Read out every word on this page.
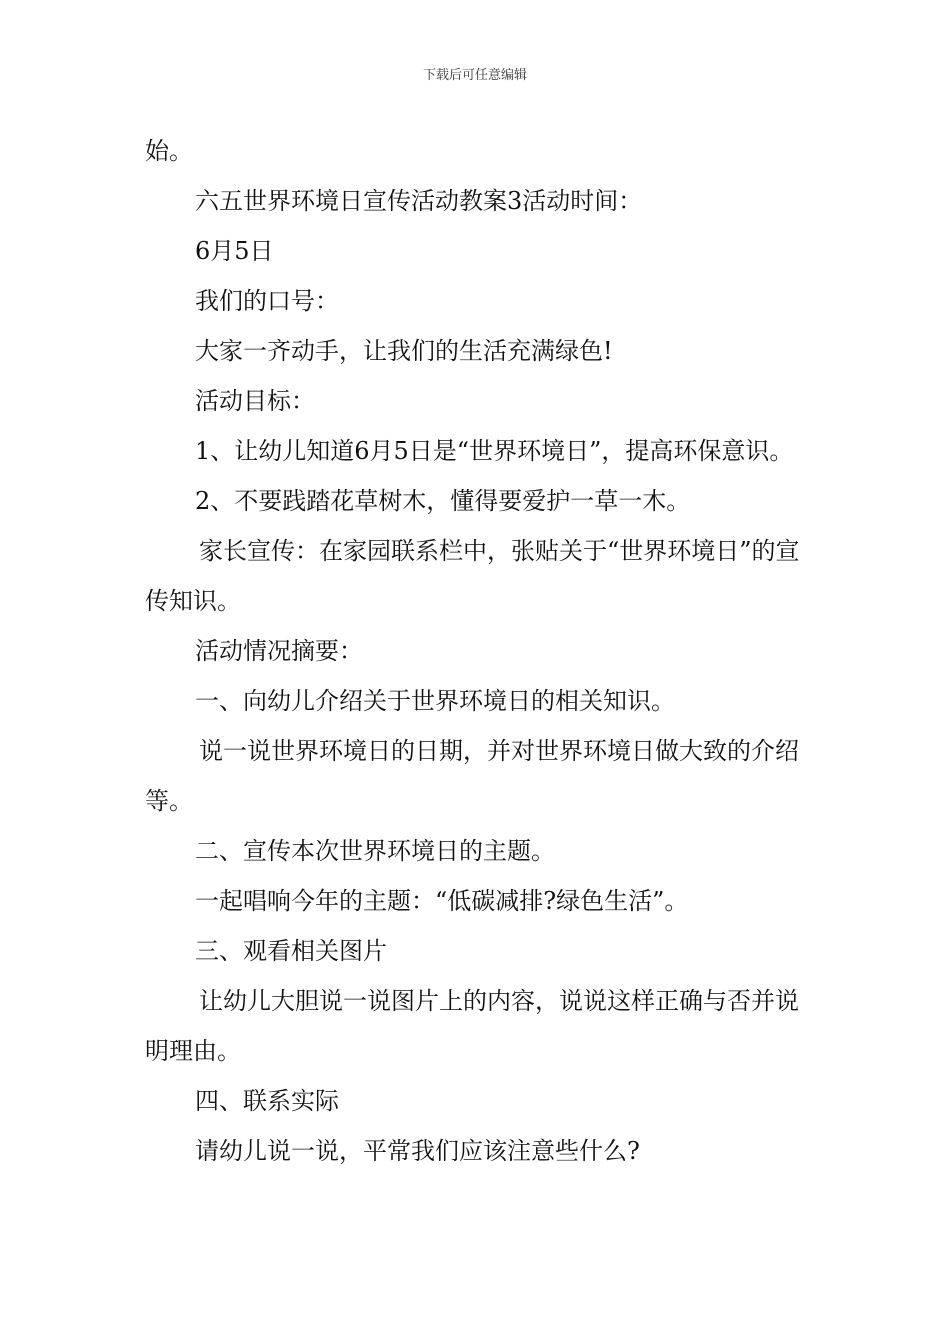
下载后可任意编辑

始。

六五世界环境日宣传活动教案3活动时间：

6月5日

我们的口号：

大家一齐动手，让我们的生活充满绿色!

活动目标：

1、让幼儿知道6月5日是“世界环境日”，提高环保意识。

2、不要践踏花草树木，懂得要爱护一草一木。

家长宣传：在家园联系栏中，张贴关于“世界环境日”的宣传知识。

活动情况摘要：

一、向幼儿介绍关于世界环境日的相关知识。

说一说世界环境日的日期，并对世界环境日做大致的介绍等。

二、宣传本次世界环境日的主题。

一起唱响今年的主题：“低碳减排?绿色生活”。

三、观看相关图片

让幼儿大胆说一说图片上的内容，说说这样正确与否并说明理由。

四、联系实际

请幼儿说一说，平常我们应该注意些什么?
